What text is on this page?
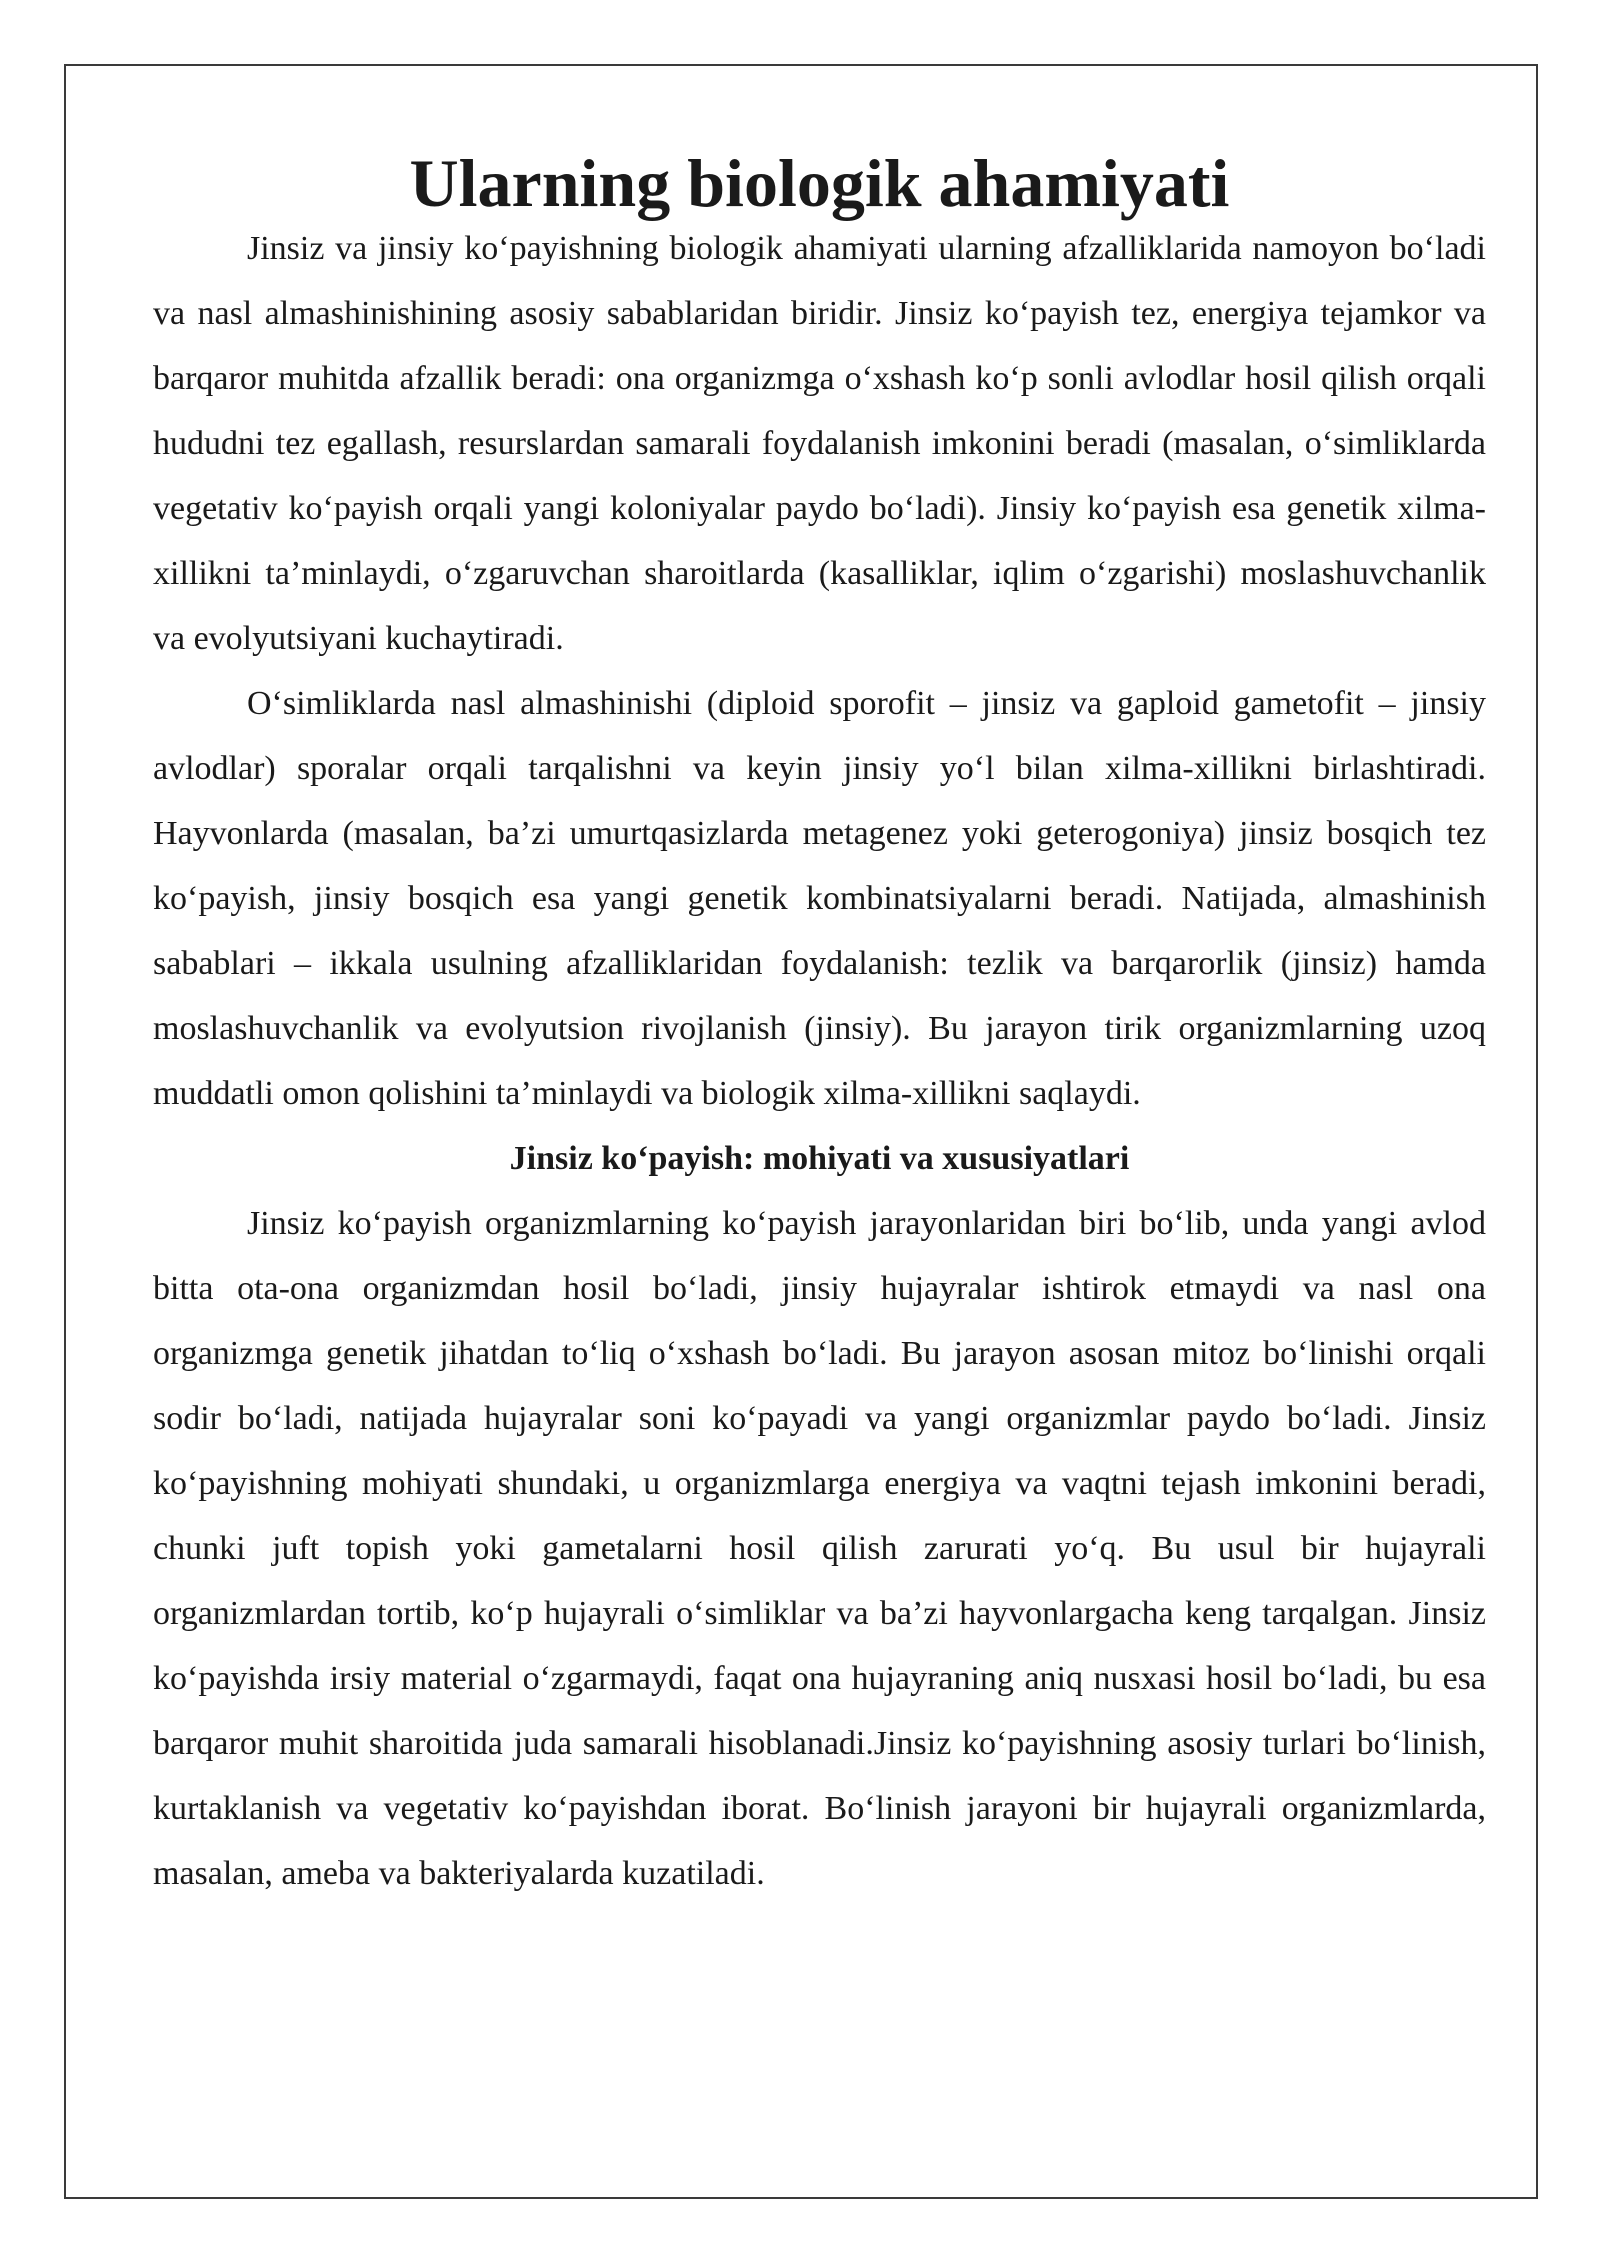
Ularning biologik ahamiyati

Jinsiz va jinsiy ko‘payishning biologik ahamiyati ularning afzalliklarida namoyon bo‘ladi va nasl almashinishining asosiy sabablaridan biridir. Jinsiz ko‘payish tez, energiya tejamkor va barqaror muhitda afzallik beradi: ona organizmga o‘xshash ko‘p sonli avlodlar hosil qilish orqali hududni tez egallash, resurslardan samarali foydalanish imkonini beradi (masalan, o‘simliklarda vegetativ ko‘payish orqali yangi koloniyalar paydo bo‘ladi). Jinsiy ko‘payish esa genetik xilma-xillikni ta’minlaydi, o‘zgaruvchan sharoitlarda (kasalliklar, iqlim o‘zgarishi) moslashuvchanlik va evolyutsiyani kuchaytiradi.

O‘simliklarda nasl almashinishi (diploid sporofit – jinsiz va gaploid gametofit – jinsiy avlodlar) sporalar orqali tarqalishni va keyin jinsiy yo‘l bilan xilma-xillikni birlashtiradi. Hayvonlarda (masalan, ba’zi umurtqasizlarda metagenez yoki geterogoniya) jinsiz bosqich tez ko‘payish, jinsiy bosqich esa yangi genetik kombinatsiyalarni beradi. Natijada, almashinish sabablari – ikkala usulning afzalliklaridan foydalanish: tezlik va barqarorlik (jinsiz) hamda moslashuvchanlik va evolyutsion rivojlanish (jinsiy). Bu jarayon tirik organizmlarning uzoq muddatli omon qolishini ta’minlaydi va biologik xilma-xillikni saqlaydi.

Jinsiz ko‘payish: mohiyati va xususiyatlari

Jinsiz ko‘payish organizmlarning ko‘payish jarayonlaridan biri bo‘lib, unda yangi avlod bitta ota-ona organizmdan hosil bo‘ladi, jinsiy hujayralar ishtirok etmaydi va nasl ona organizmga genetik jihatdan to‘liq o‘xshash bo‘ladi. Bu jarayon asosan mitoz bo‘linishi orqali sodir bo‘ladi, natijada hujayralar soni ko‘payadi va yangi organizmlar paydo bo‘ladi. Jinsiz ko‘payishning mohiyati shundaki, u organizmlarga energiya va vaqtni tejash imkonini beradi, chunki juft topish yoki gametalarni hosil qilish zarurati yo‘q. Bu usul bir hujayrali organizmlardan tortib, ko‘p hujayrali o‘simliklar va ba’zi hayvonlargacha keng tarqalgan. Jinsiz ko‘payishda irsiy material o‘zgarmaydi, faqat ona hujayraning aniq nusxasi hosil bo‘ladi, bu esa barqaror muhit sharoitida juda samarali hisoblanadi.Jinsiz ko‘payishning asosiy turlari bo‘linish, kurtaklanish va vegetativ ko‘payishdan iborat. Bo‘linish jarayoni bir hujayrali organizmlarda, masalan, ameba va bakteriyalarda kuzatiladi.
